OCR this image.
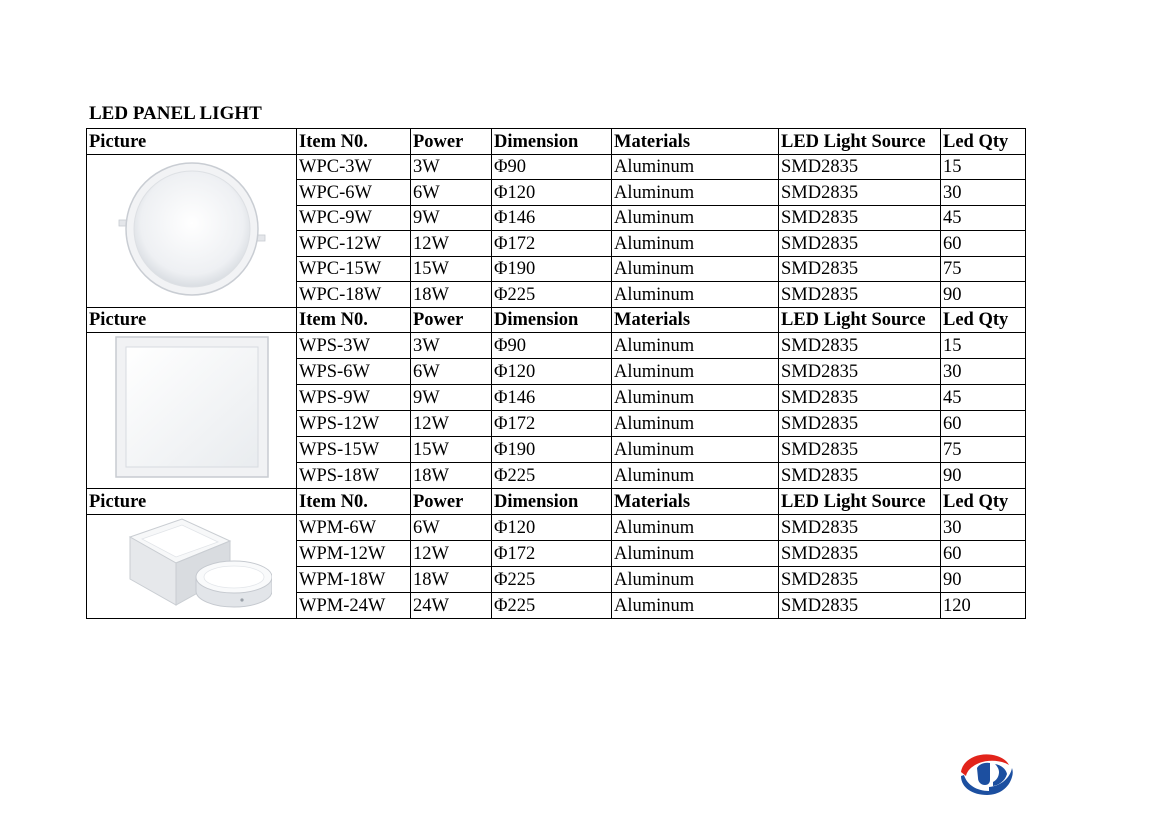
LED PANEL LIGHT
Picture	Item N0.	Power	Dimension	Materials	LED Light Source	Led Qty
	WPC-3W	3W	Φ90	Aluminum	SMD2835	15
	WPC-6W	6W	Φ120	Aluminum	SMD2835	30
	WPC-9W	9W	Φ146	Aluminum	SMD2835	45
	WPC-12W	12W	Φ172	Aluminum	SMD2835	60
	WPC-15W	15W	Φ190	Aluminum	SMD2835	75
	WPC-18W	18W	Φ225	Aluminum	SMD2835	90
Picture	Item N0.	Power	Dimension	Materials	LED Light Source	Led Qty
	WPS-3W	3W	Φ90	Aluminum	SMD2835	15
	WPS-6W	6W	Φ120	Aluminum	SMD2835	30
	WPS-9W	9W	Φ146	Aluminum	SMD2835	45
	WPS-12W	12W	Φ172	Aluminum	SMD2835	60
	WPS-15W	15W	Φ190	Aluminum	SMD2835	75
	WPS-18W	18W	Φ225	Aluminum	SMD2835	90
Picture	Item N0.	Power	Dimension	Materials	LED Light Source	Led Qty
	WPM-6W	6W	Φ120	Aluminum	SMD2835	30
	WPM-12W	12W	Φ172	Aluminum	SMD2835	60
	WPM-18W	18W	Φ225	Aluminum	SMD2835	90
	WPM-24W	24W	Φ225	Aluminum	SMD2835	120
